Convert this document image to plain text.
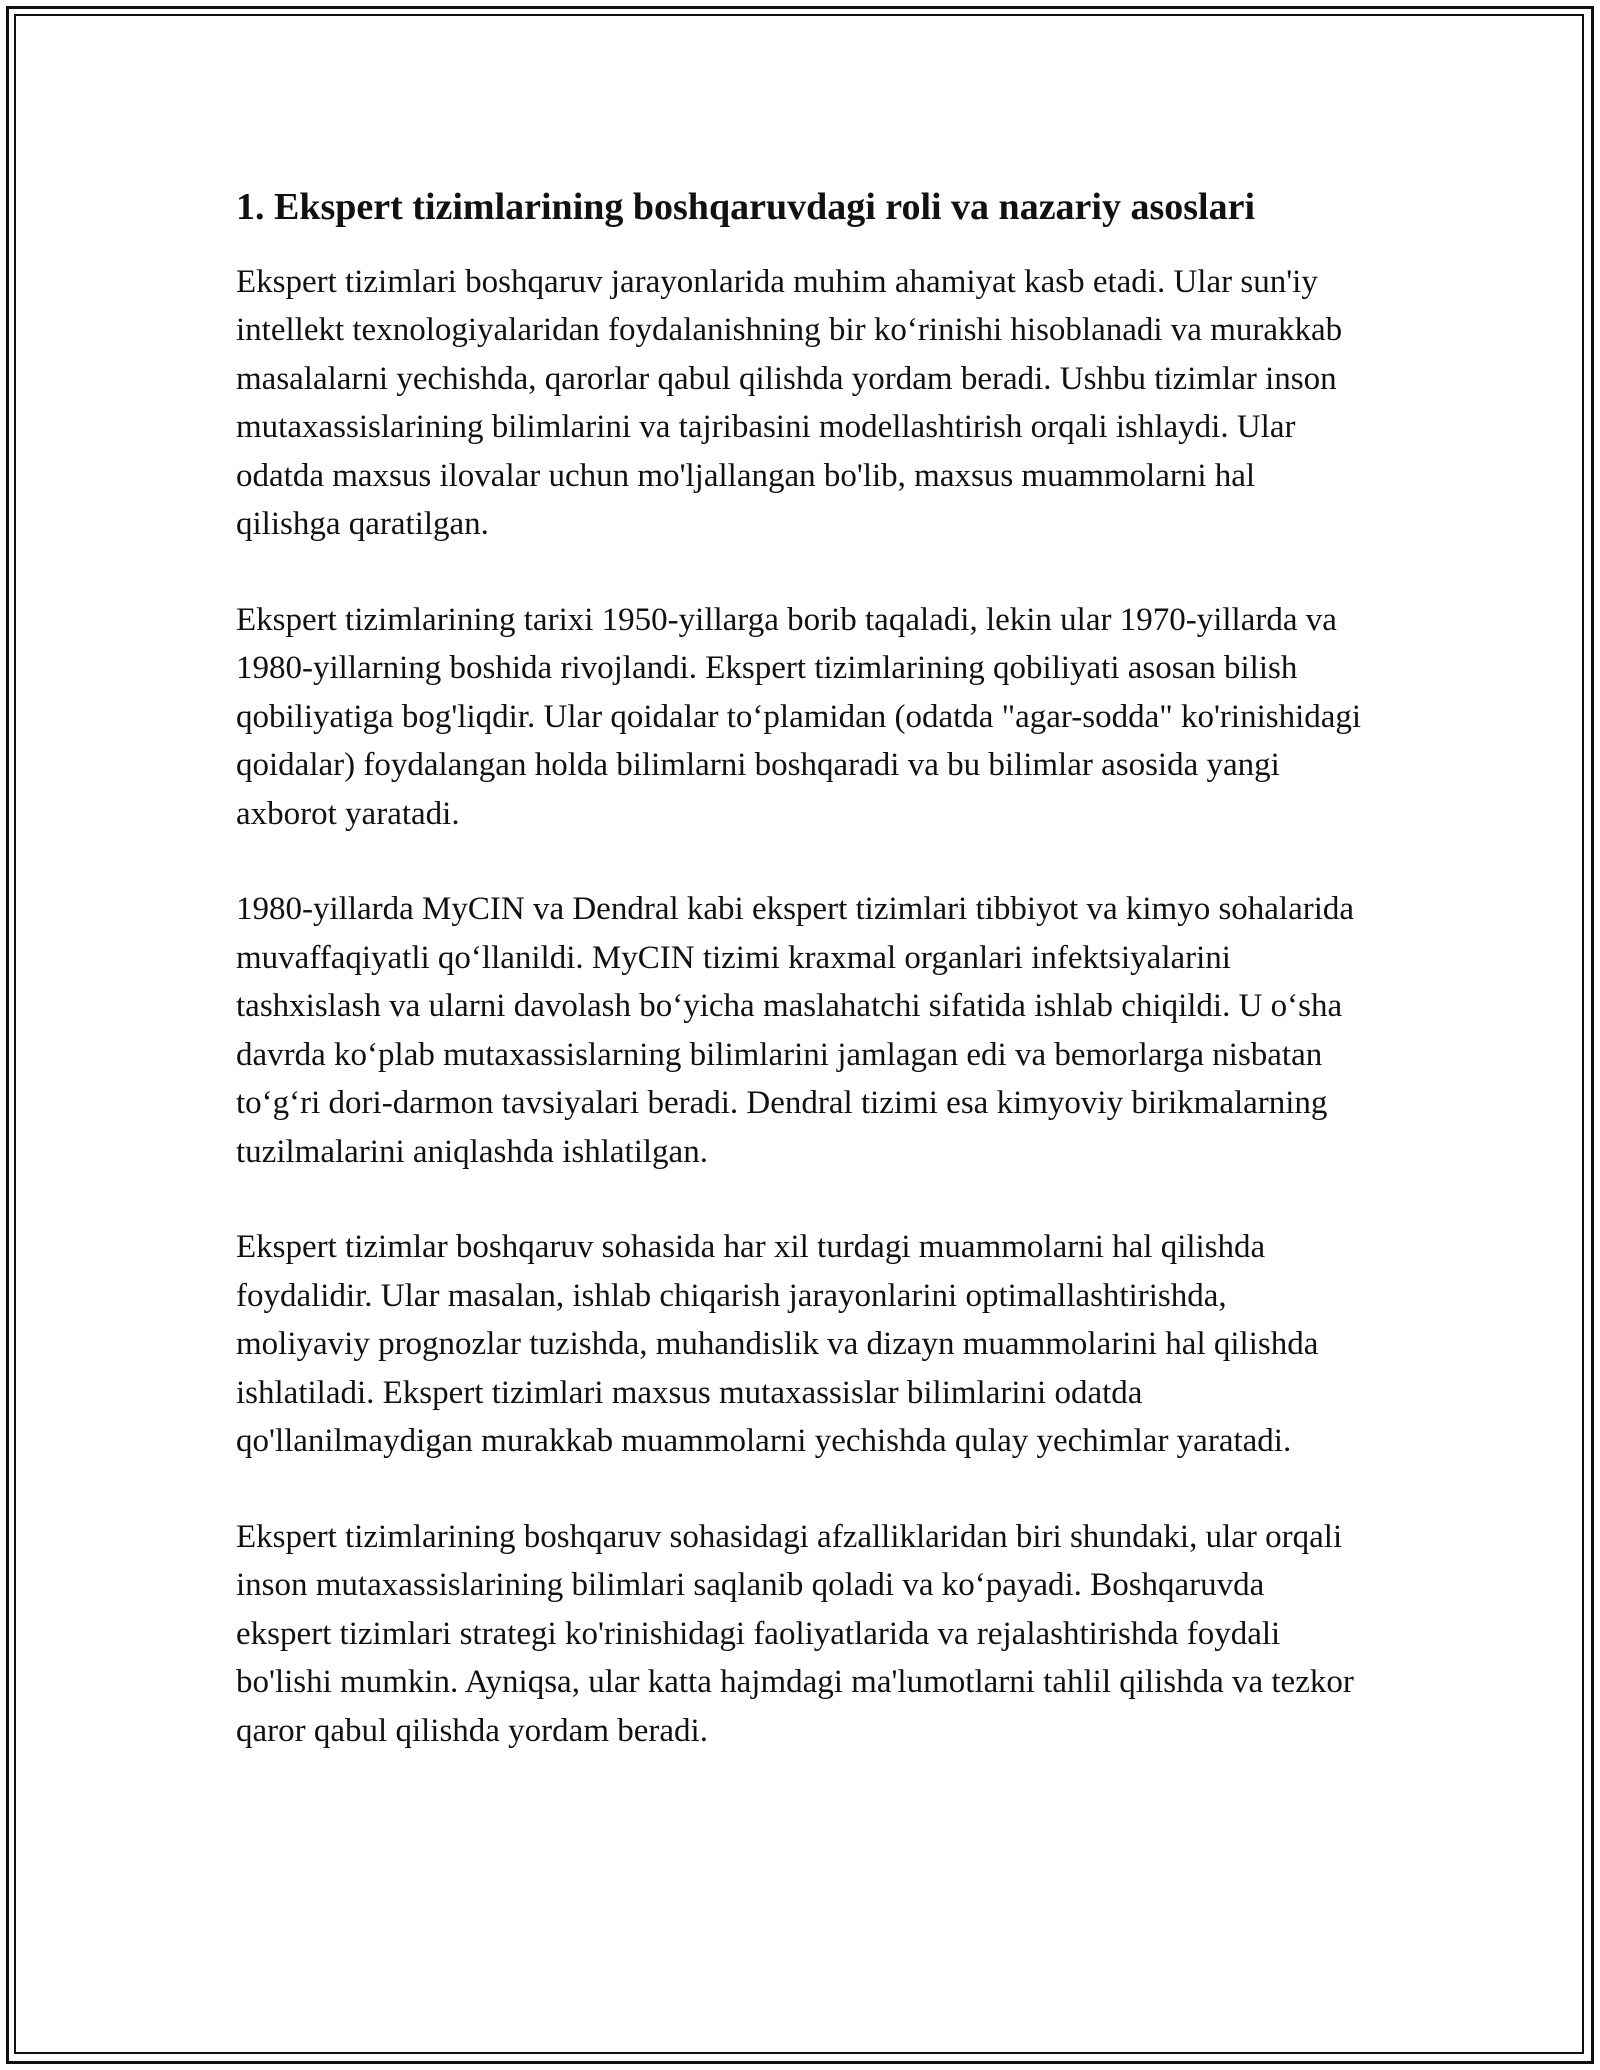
1. Ekspert tizimlarining boshqaruvdagi roli va nazariy asoslari

Ekspert tizimlari boshqaruv jarayonlarida muhim ahamiyat kasb etadi. Ular sun'iy intellekt texnologiyalaridan foydalanishning bir ko‘rinishi hisoblanadi va murakkab masalalarni yechishda, qarorlar qabul qilishda yordam beradi. Ushbu tizimlar inson mutaxassislarining bilimlarini va tajribasini modellashtirish orqali ishlaydi. Ular odatda maxsus ilovalar uchun mo'ljallangan bo'lib, maxsus muammolarni hal qilishga qaratilgan.

Ekspert tizimlarining tarixi 1950-yillarga borib taqaladi, lekin ular 1970-yillarda va 1980-yillarning boshida rivojlandi. Ekspert tizimlarining qobiliyati asosan bilish qobiliyatiga bog'liqdir. Ular qoidalar to‘plamidan (odatda "agar-sodda" ko'rinishidagi qoidalar) foydalangan holda bilimlarni boshqaradi va bu bilimlar asosida yangi axborot yaratadi.

1980-yillarda MyCIN va Dendral kabi ekspert tizimlari tibbiyot va kimyo sohalarida muvaffaqiyatli qo‘llanildi. MyCIN tizimi kraxmal organlari infektsiyalarini tashxislash va ularni davolash bo‘yicha maslahatchi sifatida ishlab chiqildi. U o‘sha davrda ko‘plab mutaxassislarning bilimlarini jamlagan edi va bemorlarga nisbatan to‘g‘ri dori-darmon tavsiyalari beradi. Dendral tizimi esa kimyoviy birikmalarning tuzilmalarini aniqlashda ishlatilgan.

Ekspert tizimlar boshqaruv sohasida har xil turdagi muammolarni hal qilishda foydalidir. Ular masalan, ishlab chiqarish jarayonlarini optimallashtirishda, moliyaviy prognozlar tuzishda, muhandislik va dizayn muammolarini hal qilishda ishlatiladi. Ekspert tizimlari maxsus mutaxassislar bilimlarini odatda qo'llanilmaydigan murakkab muammolarni yechishda qulay yechimlar yaratadi.

Ekspert tizimlarining boshqaruv sohasidagi afzalliklaridan biri shundaki, ular orqali inson mutaxassislarining bilimlari saqlanib qoladi va ko‘payadi. Boshqaruvda ekspert tizimlari strategi ko'rinishidagi faoliyatlarida va rejalashtirishda foydali bo'lishi mumkin. Ayniqsa, ular katta hajmdagi ma'lumotlarni tahlil qilishda va tezkor qaror qabul qilishda yordam beradi.
